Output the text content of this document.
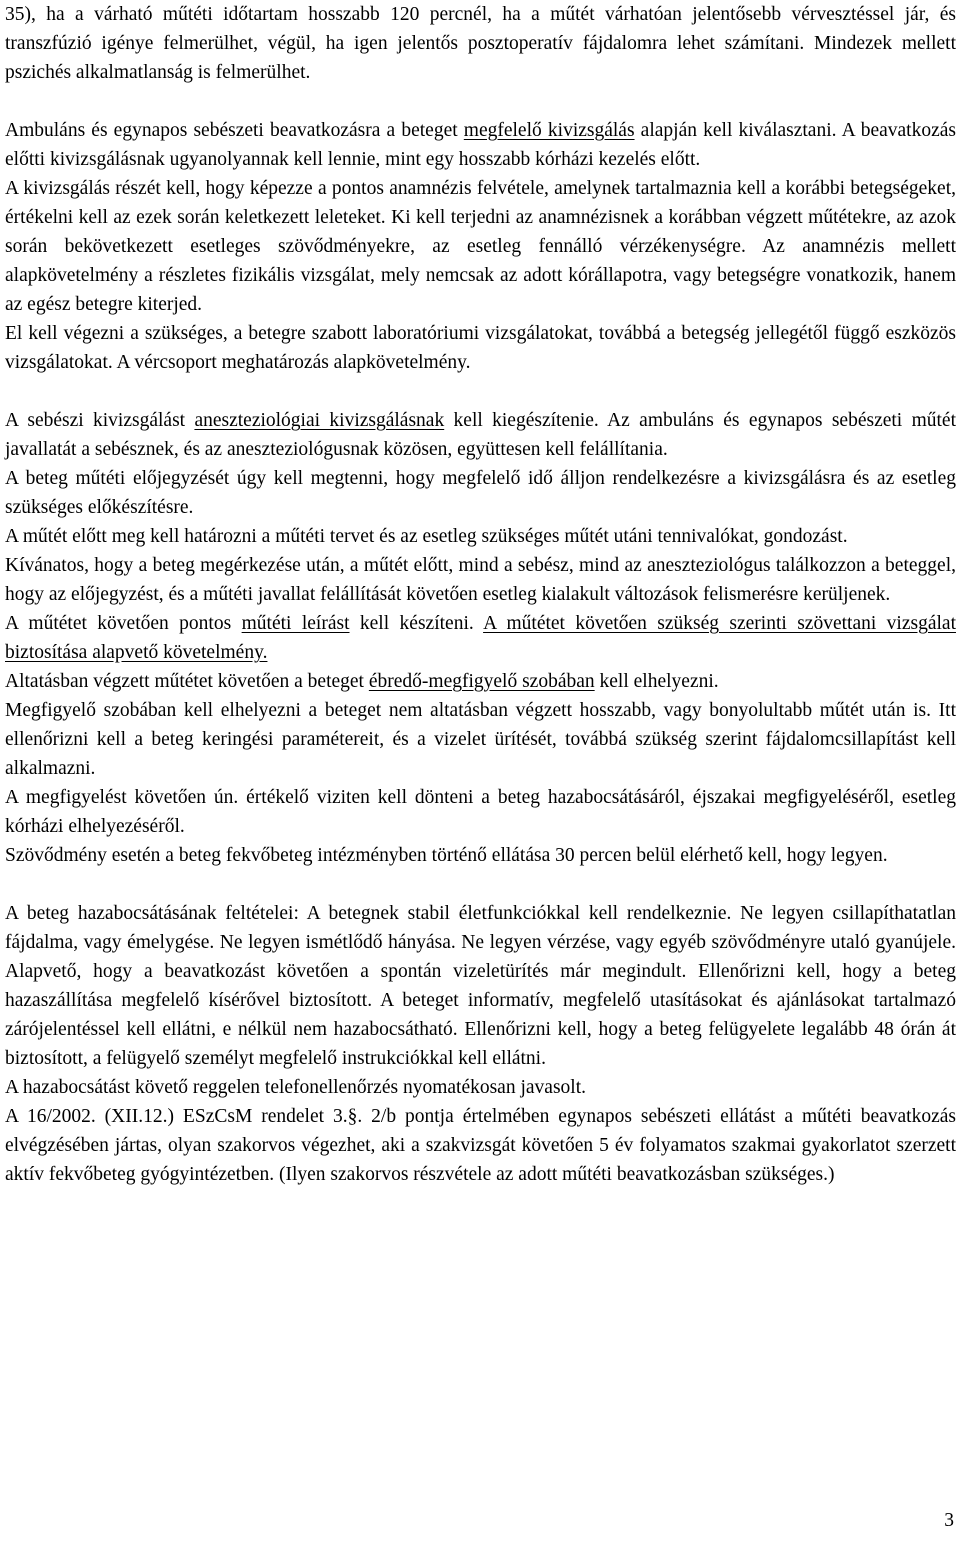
35), ha a várható műtéti időtartam hosszabb 120 percnél, ha a műtét várhatóan jelentősebb vérvesztéssel jár, és transzfúzió igénye felmerülhet, végül, ha igen jelentős posztoperatív fájdalomra lehet számítani. Mindezek mellett pszichés alkalmatlanság is felmerülhet.

Ambuláns és egynapos sebészeti beavatkozásra a beteget megfelelő kivizsgálás alapján kell kiválasztani. A beavatkozás előtti kivizsgálásnak ugyanolyannak kell lennie, mint egy hosszabb kórházi kezelés előtt.

A kivizsgálás részét kell, hogy képezze a pontos anamnézis felvétele, amelynek tartalmaznia kell a korábbi betegségeket, értékelni kell az ezek során keletkezett leleteket. Ki kell terjedni az anamnézisnek a korábban végzett műtétekre, az azok során bekövetkezett esetleges szövődményekre, az esetleg fennálló vérzékenységre. Az anamnézis mellett alapkövetelmény a részletes fizikális vizsgálat, mely nemcsak az adott kórállapotra, vagy betegségre vonatkozik, hanem az egész betegre kiterjed.

El kell végezni a szükséges, a betegre szabott laboratóriumi vizsgálatokat, továbbá a betegség jellegétől függő eszközös vizsgálatokat. A vércsoport meghatározás alapkövetelmény.

A sebészi kivizsgálást aneszteziológiai kivizsgálásnak kell kiegészítenie. Az ambuláns és egynapos sebészeti műtét javallatát a sebésznek, és az aneszteziológusnak közösen, együttesen kell felállítania.

A beteg műtéti előjegyzését úgy kell megtenni, hogy megfelelő idő álljon rendelkezésre a kivizsgálásra és az esetleg szükséges előkészítésre.

A műtét előtt meg kell határozni a műtéti tervet és az esetleg szükséges műtét utáni tennivalókat, gondozást.

Kívánatos, hogy a beteg megérkezése után, a műtét előtt, mind a sebész, mind az aneszteziológus találkozzon a beteggel, hogy az előjegyzést, és a műtéti javallat felállítását követően esetleg kialakult változások felismerésre kerüljenek.

A műtétet követően pontos műtéti leírást kell készíteni. A műtétet követően szükség szerinti szövettani vizsgálat biztosítása alapvető követelmény.

Altatásban végzett műtétet követően a beteget ébredő-megfigyelő szobában kell elhelyezni.

Megfigyelő szobában kell elhelyezni a beteget nem altatásban végzett hosszabb, vagy bonyolultabb műtét után is. Itt ellenőrizni kell a beteg keringési paramétereit, és a vizelet ürítését, továbbá szükség szerint fájdalomcsillapítást kell alkalmazni.

A megfigyelést követően ún. értékelő viziten kell dönteni a beteg hazabocsátásáról, éjszakai megfigyeléséről, esetleg kórházi elhelyezéséről.

Szövődmény esetén a beteg fekvőbeteg intézményben történő ellátása 30 percen belül elérhető kell, hogy legyen.

A beteg hazabocsátásának feltételei: A betegnek stabil életfunkciókkal kell rendelkeznie. Ne legyen csillapíthatatlan fájdalma, vagy émelygése. Ne legyen ismétlődő hányása. Ne legyen vérzése, vagy egyéb szövődményre utaló gyanújele. Alapvető, hogy a beavatkozást követően a spontán vizeletürítés már megindult. Ellenőrizni kell, hogy a beteg hazaszállítása megfelelő kísérővel biztosított. A beteget informatív, megfelelő utasításokat és ajánlásokat tartalmazó zárójelentéssel kell ellátni, e nélkül nem hazabocsátható. Ellenőrizni kell, hogy a beteg felügyelete legalább 48 órán át biztosított, a felügyelő személyt megfelelő instrukciókkal kell ellátni.

A hazabocsátást követő reggelen telefonellenőrzés nyomatékosan javasolt.

A 16/2002. (XII.12.) ESzCsM rendelet 3.§. 2/b pontja értelmében egynapos sebészeti ellátást a műtéti beavatkozás elvégzésében jártas, olyan szakorvos végezhet, aki a szakvizsgát követően 5 év folyamatos szakmai gyakorlatot szerzett aktív fekvőbeteg gyógyintézetben. (Ilyen szakorvos részvétele az adott műtéti beavatkozásban szükséges.)

3
